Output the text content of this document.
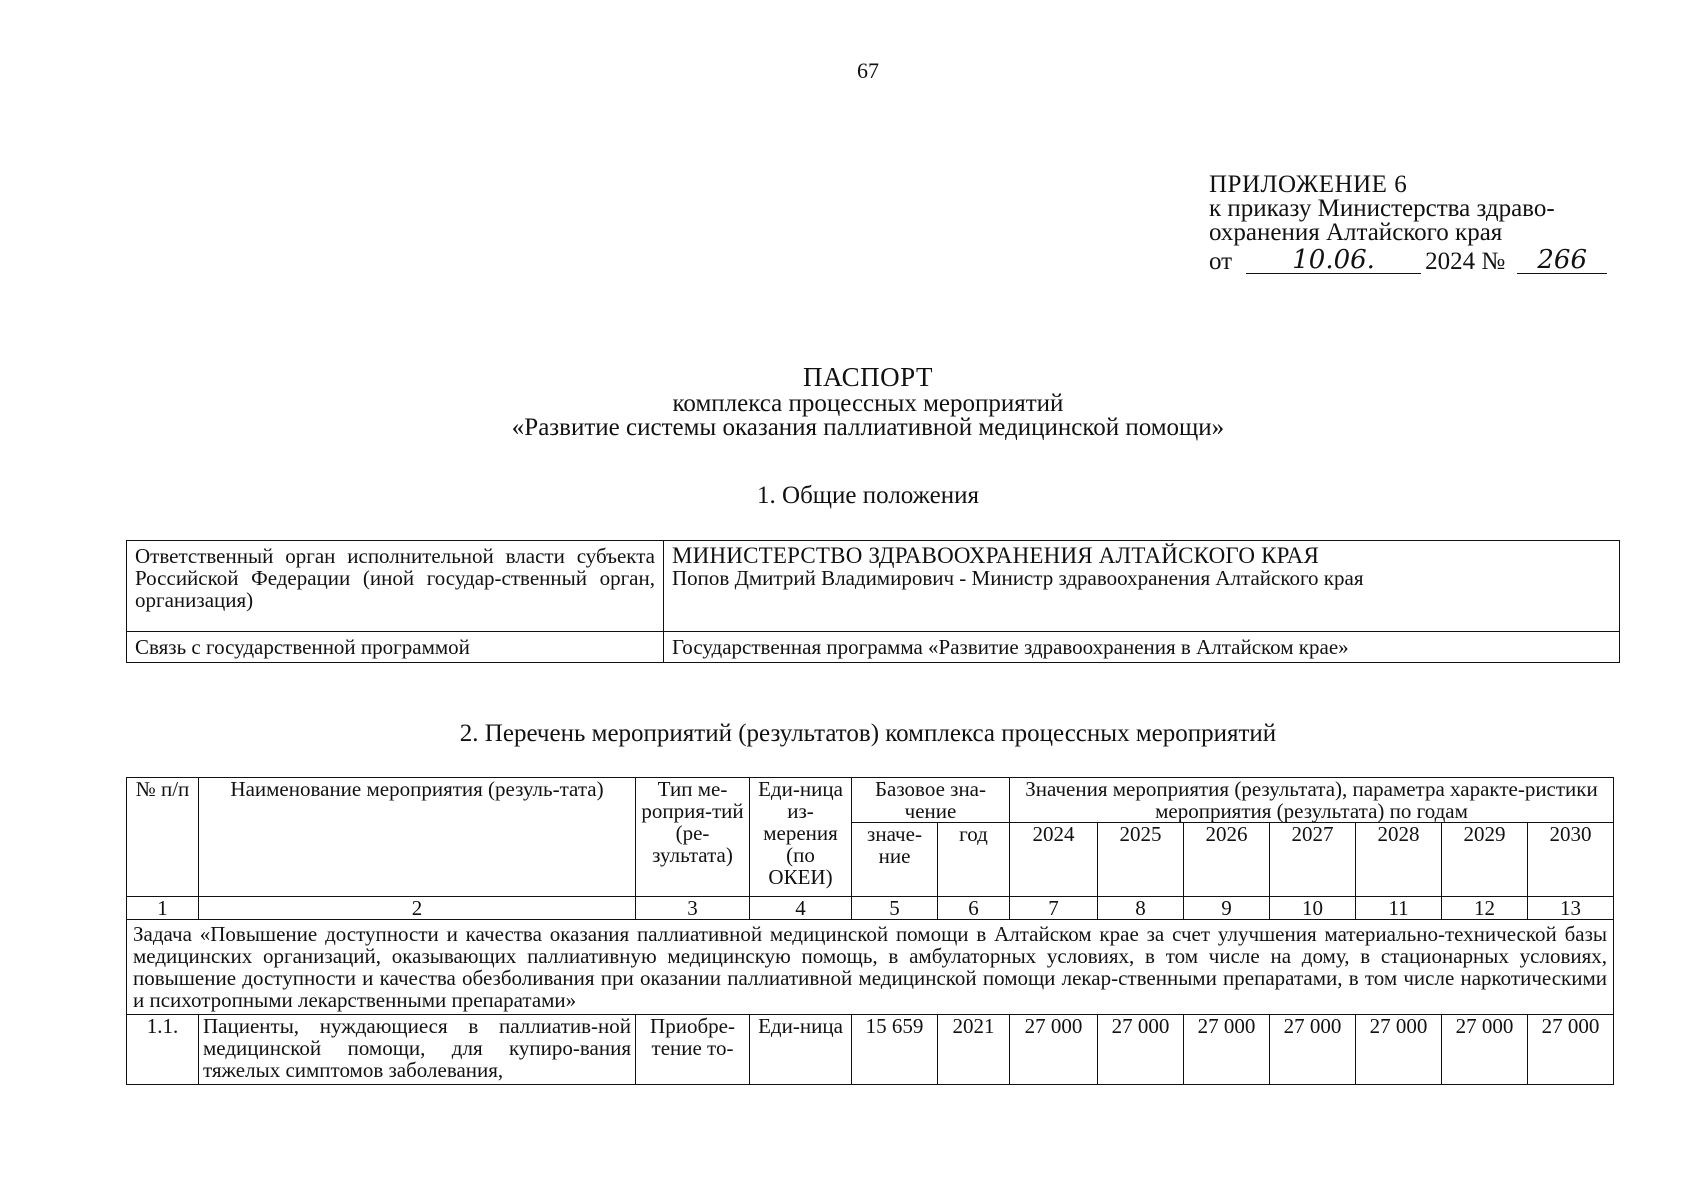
67
ПРИЛОЖЕНИЕ 6
к приказу Министерства здраво-
охранения Алтайского края
от	10.06.	2024 №	266
ПАСПОРТ
комплекса процессных мероприятий
«Развитие системы оказания паллиативной медицинской помощи»
1. Общие положения
Ответственный орган исполнительной власти субъекта Российской Федерации (иной государ-ственный орган, организация)	МИНИСТЕРСТВО ЗДРАВООХРАНЕНИЯ АЛТАЙСКОГО КРАЯ
Попов Дмитрий Владимирович - Министр здравоохранения Алтайского края

Связь с государственной программой	Государственная программа «Развитие здравоохранения в Алтайском крае»
2. Перечень мероприятий (результатов) комплекса процессных мероприятий
№ п/п	Наименование мероприятия (резуль-тата)	Тип ме-роприя-тий (ре-зультата)	Еди-ница из-мерения (по ОКЕИ)	Базовое зна-чение		Значения мероприятия (результата), параметра характе-ристики мероприятия (результата) по годам						
				значе-ние	год	2024	2025	2026	2027	2028	2029	2030
1	2	3	4	5	6	7	8	9	10	11	12	13
Задача «Повышение доступности и качества оказания паллиативной медицинской помощи в Алтайском крае за счет улучшения материально-технической базы медицинских организаций, оказывающих паллиативную медицинскую помощь, в амбулаторных условиях, в том числе на дому, в стационарных условиях, повышение доступности и качества обезболивания при оказании паллиативной медицинской помощи лекар-ственными препаратами, в том числе наркотическими и психотропными лекарственными препаратами»												
1.1.	Пациенты, нуждающиеся в паллиатив-ной медицинской помощи, для купиро-вания тяжелых симптомов заболевания,	Приобре-тение то-	Еди-ница	15 659	2021	27 000	27 000	27 000	27 000	27 000	27 000	27 000
